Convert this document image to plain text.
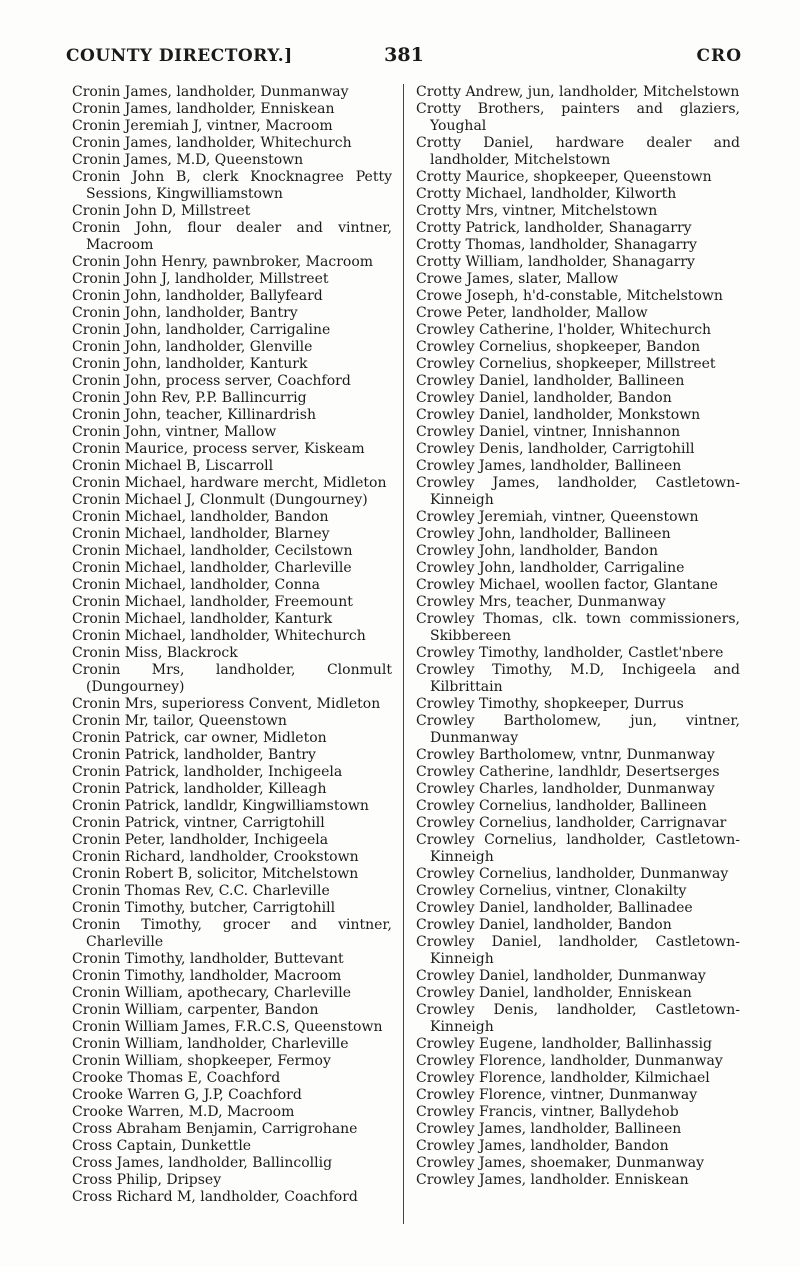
COUNTY DIRECTORY.]	381	CRO

Cronin James, landholder, Dunmanway

Cronin James, landholder, Enniskean

Cronin Jeremiah J, vintner, Macroom

Cronin James, landholder, Whitechurch

Cronin James, M.D, Queenstown

Cronin John B, clerk Knocknagree Petty Sessions, Kingwilliamstown

Cronin John D, Millstreet

Cronin John, flour dealer and vintner, Macroom

Cronin John Henry, pawnbroker, Macroom

Cronin John J, landholder, Millstreet

Cronin John, landholder, Ballyfeard

Cronin John, landholder, Bantry

Cronin John, landholder, Carrigaline

Cronin John, landholder, Glenville

Cronin John, landholder, Kanturk

Cronin John, process server, Coachford

Cronin John Rev, P.P. Ballincurrig

Cronin John, teacher, Killinardrish

Cronin John, vintner, Mallow

Cronin Maurice, process server, Kiskeam

Cronin Michael B, Liscarroll

Cronin Michael, hardware mercht, Midleton

Cronin Michael J, Clonmult (Dungourney)

Cronin Michael, landholder, Bandon

Cronin Michael, landholder, Blarney

Cronin Michael, landholder, Cecilstown

Cronin Michael, landholder, Charleville

Cronin Michael, landholder, Conna

Cronin Michael, landholder, Freemount

Cronin Michael, landholder, Kanturk

Cronin Michael, landholder, Whitechurch

Cronin Miss, Blackrock

Cronin Mrs, landholder, Clonmult (Dungourney)

Cronin Mrs, superioress Convent, Midleton

Cronin Mr, tailor, Queenstown

Cronin Patrick, car owner, Midleton

Cronin Patrick, landholder, Bantry

Cronin Patrick, landholder, Inchigeela

Cronin Patrick, landholder, Killeagh

Cronin Patrick, landldr, Kingwilliamstown

Cronin Patrick, vintner, Carrigtohill

Cronin Peter, landholder, Inchigeela

Cronin Richard, landholder, Crookstown

Cronin Robert B, solicitor, Mitchelstown

Cronin Thomas Rev, C.C. Charleville

Cronin Timothy, butcher, Carrigtohill

Cronin Timothy, grocer and vintner, Charleville

Cronin Timothy, landholder, Buttevant

Cronin Timothy, landholder, Macroom

Cronin William, apothecary, Charleville

Cronin William, carpenter, Bandon

Cronin William James, F.R.C.S, Queenstown

Cronin William, landholder, Charleville

Cronin William, shopkeeper, Fermoy

Crooke Thomas E, Coachford

Crooke Warren G, J.P, Coachford

Crooke Warren, M.D, Macroom

Cross Abraham Benjamin, Carrigrohane

Cross Captain, Dunkettle

Cross James, landholder, Ballincollig

Cross Philip, Dripsey

Cross Richard M, landholder, Coachford

Crotty Andrew, jun, landholder, Mitchelstown

Crotty Brothers, painters and glaziers, Youghal

Crotty Daniel, hardware dealer and landholder, Mitchelstown

Crotty Maurice, shopkeeper, Queenstown

Crotty Michael, landholder, Kilworth

Crotty Mrs, vintner, Mitchelstown

Crotty Patrick, landholder, Shanagarry

Crotty Thomas, landholder, Shanagarry

Crotty William, landholder, Shanagarry

Crowe James, slater, Mallow

Crowe Joseph, h'd-constable, Mitchelstown

Crowe Peter, landholder, Mallow

Crowley Catherine, l'holder, Whitechurch

Crowley Cornelius, shopkeeper, Bandon

Crowley Cornelius, shopkeeper, Millstreet

Crowley Daniel, landholder, Ballineen

Crowley Daniel, landholder, Bandon

Crowley Daniel, landholder, Monkstown

Crowley Daniel, vintner, Innishannon

Crowley Denis, landholder, Carrigtohill

Crowley James, landholder, Ballineen

Crowley James, landholder, Castletown-Kinneigh

Crowley Jeremiah, vintner, Queenstown

Crowley John, landholder, Ballineen

Crowley John, landholder, Bandon

Crowley John, landholder, Carrigaline

Crowley Michael, woollen factor, Glantane

Crowley Mrs, teacher, Dunmanway

Crowley Thomas, clk. town commissioners, Skibbereen

Crowley Timothy, landholder, Castlet'nbere

Crowley Timothy, M.D, Inchigeela and Kilbrittain

Crowley Timothy, shopkeeper, Durrus

Crowley Bartholomew, jun, vintner, Dunmanway

Crowley Bartholomew, vntnr, Dunmanway

Crowley Catherine, landhldr, Desertserges

Crowley Charles, landholder, Dunmanway

Crowley Cornelius, landholder, Ballineen

Crowley Cornelius, landholder, Carrignavar

Crowley Cornelius, landholder, Castletown-Kinneigh

Crowley Cornelius, landholder, Dunmanway

Crowley Cornelius, vintner, Clonakilty

Crowley Daniel, landholder, Ballinadee

Crowley Daniel, landholder, Bandon

Crowley Daniel, landholder, Castletown-Kinneigh

Crowley Daniel, landholder, Dunmanway

Crowley Daniel, landholder, Enniskean

Crowley Denis, landholder, Castletown-Kinneigh

Crowley Eugene, landholder, Ballinhassig

Crowley Florence, landholder, Dunmanway

Crowley Florence, landholder, Kilmichael

Crowley Florence, vintner, Dunmanway

Crowley Francis, vintner, Ballydehob

Crowley James, landholder, Ballineen

Crowley James, landholder, Bandon

Crowley James, shoemaker, Dunmanway

Crowley James, landholder. Enniskean
